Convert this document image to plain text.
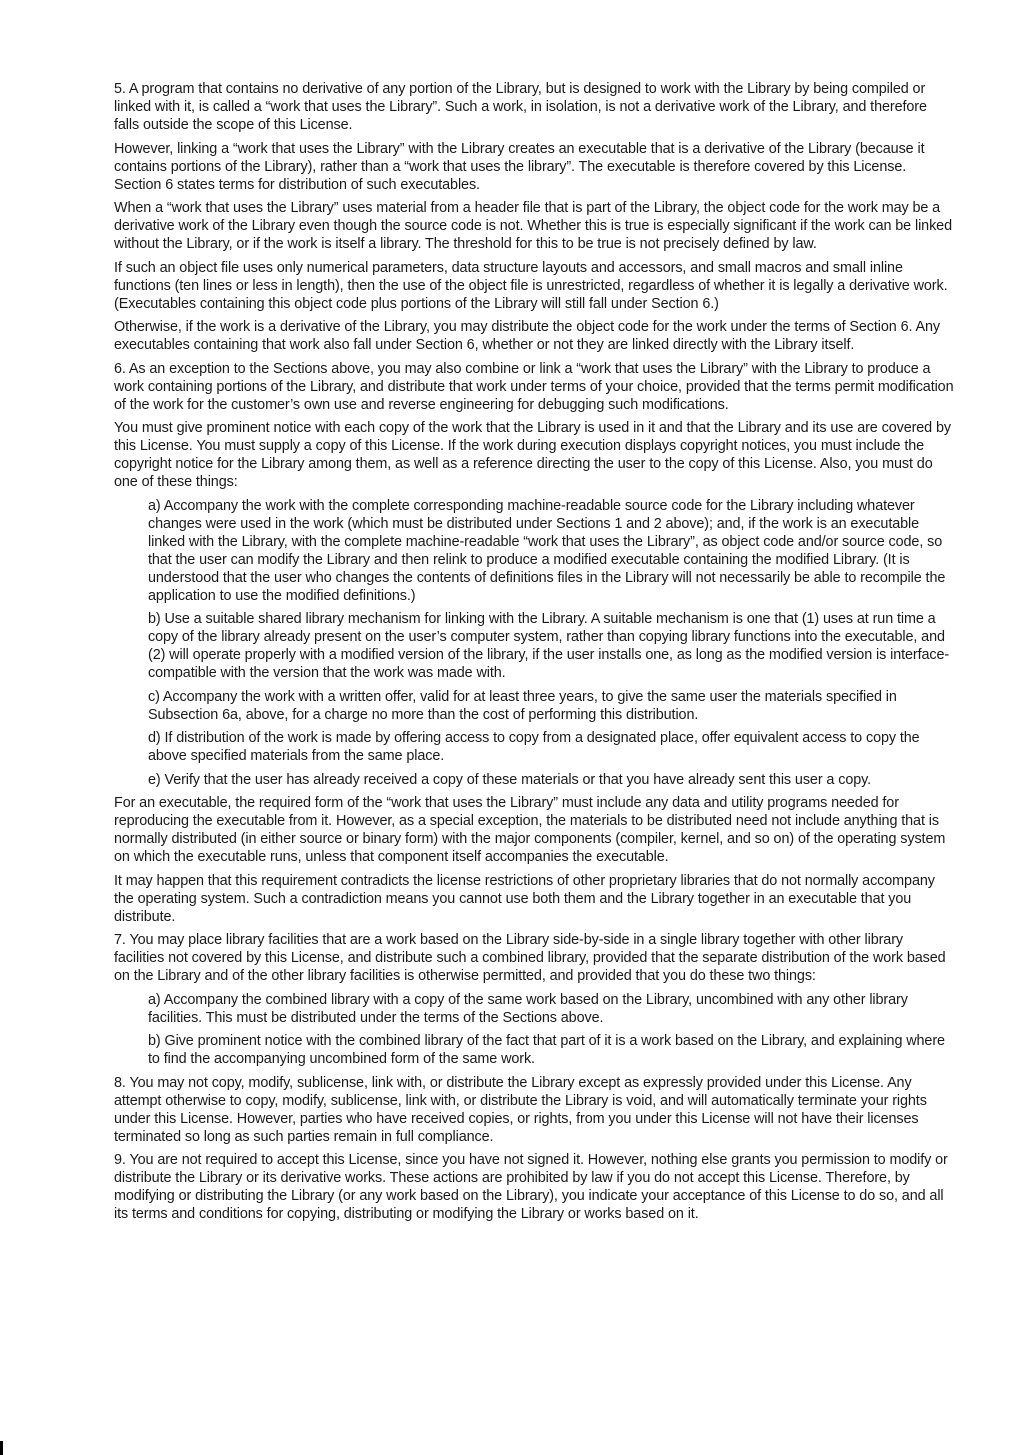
5. A program that contains no derivative of any portion of the Library, but is designed to work with the Library by being compiled or linked with it, is called a “work that uses the Library”. Such a work, in isolation, is not a derivative work of the Library, and therefore falls outside the scope of this License.

However, linking a “work that uses the Library” with the Library creates an executable that is a derivative of the Library (because it contains portions of the Library), rather than a “work that uses the library”. The executable is therefore covered by this License. Section 6 states terms for distribution of such executables.

When a “work that uses the Library” uses material from a header file that is part of the Library, the object code for the work may be a derivative work of the Library even though the source code is not. Whether this is true is especially significant if the work can be linked without the Library, or if the work is itself a library. The threshold for this to be true is not precisely defined by law.

If such an object file uses only numerical parameters, data structure layouts and accessors, and small macros and small inline functions (ten lines or less in length), then the use of the object file is unrestricted, regardless of whether it is legally a derivative work. (Executables containing this object code plus portions of the Library will still fall under Section 6.)

Otherwise, if the work is a derivative of the Library, you may distribute the object code for the work under the terms of Section 6. Any executables containing that work also fall under Section 6, whether or not they are linked directly with the Library itself.

6. As an exception to the Sections above, you may also combine or link a “work that uses the Library” with the Library to produce a work containing portions of the Library, and distribute that work under terms of your choice, provided that the terms permit modification of the work for the customer’s own use and reverse engineering for debugging such modifications.

You must give prominent notice with each copy of the work that the Library is used in it and that the Library and its use are covered by this License. You must supply a copy of this License. If the work during execution displays copyright notices, you must include the copyright notice for the Library among them, as well as a reference directing the user to the copy of this License. Also, you must do one of these things:

a) Accompany the work with the complete corresponding machine-readable source code for the Library including whatever changes were used in the work (which must be distributed under Sections 1 and 2 above); and, if the work is an executable linked with the Library, with the complete machine-readable “work that uses the Library”, as object code and/or source code, so that the user can modify the Library and then relink to produce a modified executable containing the modified Library. (It is understood that the user who changes the contents of definitions files in the Library will not necessarily be able to recompile the application to use the modified definitions.)

b) Use a suitable shared library mechanism for linking with the Library. A suitable mechanism is one that (1) uses at run time a copy of the library already present on the user’s computer system, rather than copying library functions into the executable, and (2) will operate properly with a modified version of the library, if the user installs one, as long as the modified version is interface-compatible with the version that the work was made with.

c) Accompany the work with a written offer, valid for at least three years, to give the same user the materials specified in Subsection 6a, above, for a charge no more than the cost of performing this distribution.

d) If distribution of the work is made by offering access to copy from a designated place, offer equivalent access to copy the above specified materials from the same place.

e) Verify that the user has already received a copy of these materials or that you have already sent this user a copy.

For an executable, the required form of the “work that uses the Library” must include any data and utility programs needed for reproducing the executable from it. However, as a special exception, the materials to be distributed need not include anything that is normally distributed (in either source or binary form) with the major components (compiler, kernel, and so on) of the operating system on which the executable runs, unless that component itself accompanies the executable.

It may happen that this requirement contradicts the license restrictions of other proprietary libraries that do not normally accompany the operating system. Such a contradiction means you cannot use both them and the Library together in an executable that you distribute.

7. You may place library facilities that are a work based on the Library side-by-side in a single library together with other library facilities not covered by this License, and distribute such a combined library, provided that the separate distribution of the work based on the Library and of the other library facilities is otherwise permitted, and provided that you do these two things:

a) Accompany the combined library with a copy of the same work based on the Library, uncombined with any other library facilities. This must be distributed under the terms of the Sections above.

b) Give prominent notice with the combined library of the fact that part of it is a work based on the Library, and explaining where to find the accompanying uncombined form of the same work.

8. You may not copy, modify, sublicense, link with, or distribute the Library except as expressly provided under this License. Any attempt otherwise to copy, modify, sublicense, link with, or distribute the Library is void, and will automatically terminate your rights under this License. However, parties who have received copies, or rights, from you under this License will not have their licenses terminated so long as such parties remain in full compliance.

9. You are not required to accept this License, since you have not signed it. However, nothing else grants you permission to modify or distribute the Library or its derivative works. These actions are prohibited by law if you do not accept this License. Therefore, by modifying or distributing the Library (or any work based on the Library), you indicate your acceptance of this License to do so, and all its terms and conditions for copying, distributing or modifying the Library or works based on it.
